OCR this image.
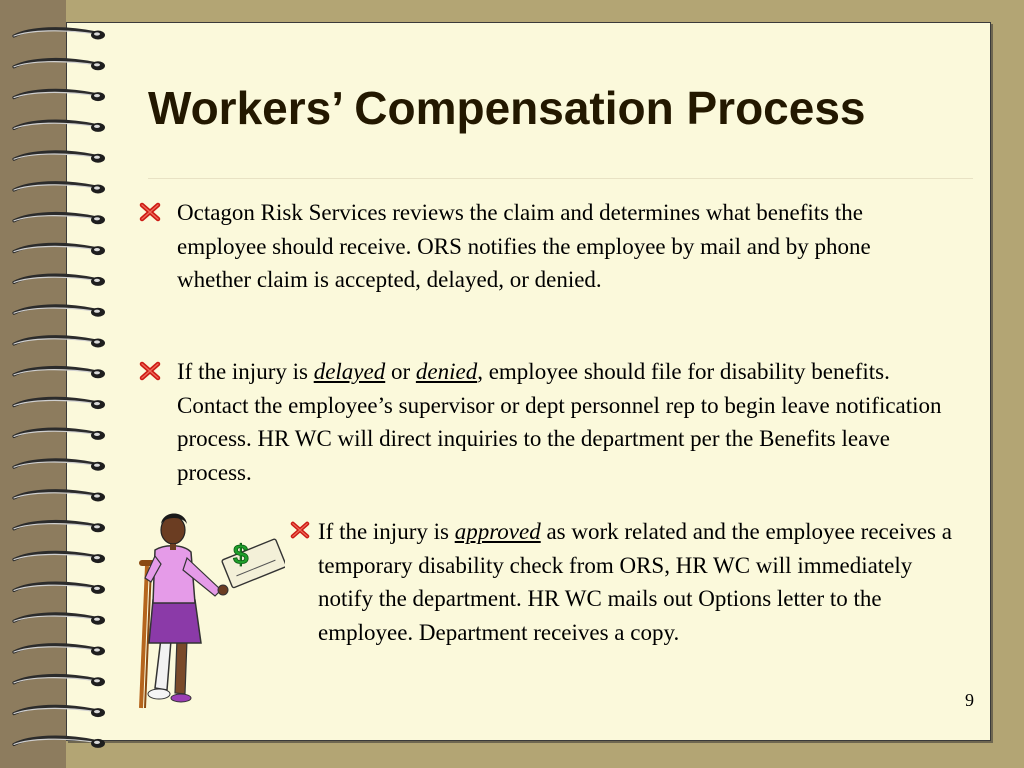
Workers’ Compensation Process
Octagon Risk Services reviews the claim and determines what benefits the employee should receive. ORS notifies the employee by mail and by phone whether claim is accepted, delayed, or denied.
If the injury is delayed or denied, employee should file for disability benefits. Contact the employee’s supervisor or dept personnel rep to begin leave notification process. HR WC will direct inquiries to the department per the Benefits leave process.
$
If the injury is approved as work related and the employee receives a temporary disability check from ORS, HR WC will immediately notify the department. HR WC mails out Options letter to the employee. Department receives a copy.
9
